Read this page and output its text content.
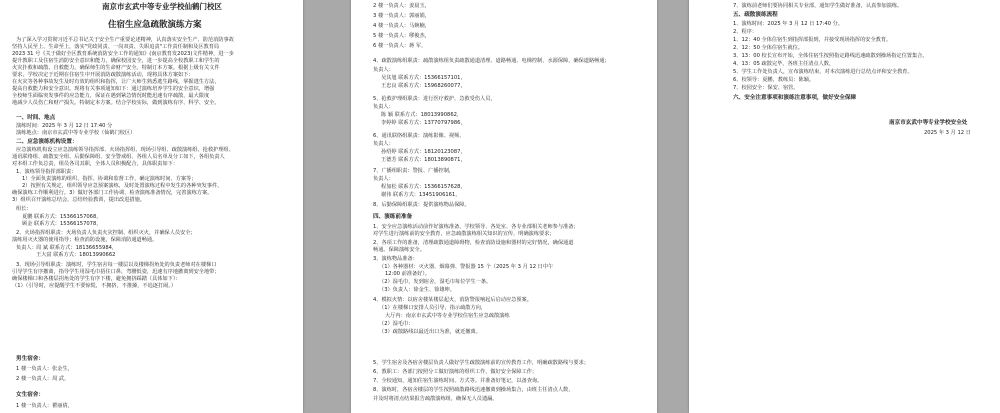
南京市玄武中等专业学校仙鹤门校区
住宿生应急疏散演练方案
为了深入学习贯彻习近平总书记关于安全生产重要论述精神，认真落实安全生产、防范消防事故
坚持人民至上、生命至上，落实"党政同责、一岗双责、失职追责"工作责任制和及区教育局
2023 31 号《关于做好全区教育系统消防安全工作的通知》(南京教育发2023)文件精神，进一步
提升教职工及住宿生消防安全意识和能力，确保校园安全，进一步提高全校教职工和学生的
火灾扑救和疏散、自救能力，确保师生的生命财产安全。特制订本方案。根据上级有关文件
要求，学校决定于近期在住宿生中开展消防疏散演练活动，现将具体方案如下：
在火灾等各种事故发生及时有效的组织和指挥，让广大师生熟悉逃生路线，掌握逃生方法，
提高自救能力和安全意识。现将有关事项通知如下：通过演练培养学生的安全意识，增强
全校师生面临突发事件的应急能力，保证在遇到紧急情况时能迅速有序疏散，最大限度
地减少人员伤亡和财产损失。特制定本方案。结合学校实际，做到演练有序、科学、安全。
一、时间、地点
演练时间：2025 年 3 月 12 日 17:40 分
演练地点：南京市玄武中等专业学校（仙鹤门校区）
二、应急演练机构设置：
应急演练机构设立应急演练领导指挥部、火场指挥组、现场引导组、疏散演练组、抢救护理组、
通讯联络组、疏散安全组、后勤保障组、安全警戒组、各组人员名单及分工如下，各组负责人
对本组工作负总责，组员各司其职，全体人员积极配合，具体职责如下：
1、演练领导指挥部职责：
1）全面负责演练的组织、指挥、协调和监督工作，确定演练时间、方案等；
2）按照有关规定，组织领导应急预案演练，及时处置演练过程中发生的各种突发事件，
确保演练工作顺利进行。3）做好各部门工作协调，检查演练准备情况，完善演练方案。
3）组织召开演练总结会，总结经验教训，提出改进措施。
组长：
夏鹏 联系方式：15366157068，
顾金 联系方式：15366157078，
2、火场指挥组职责：火场负责人负责火灾控制、组织灭火，并确保人员安全；
演练用灭火器的使用指导；检查消防设施，保障消防通道畅通。
负责人： 周 斌 联系方式：18136655984，
王大富 联系方式：18013990662
3、现场引导组职责：演练时，学生宿舍每一楼层以及楼梯拐角处的负责老师对在楼梯口
引导学生有序撤离，指导学生用湿毛巾捂住口鼻，弯腰低姿，迅速有序地撤离到安全地带；
确保楼梯口和各楼层拐角处的学生有序下楼，避免拥挤踩踏（具体如下）：
（1）（引导时，应提醒学生不要惊慌，不拥挤，不推搡，不追逐打闹。）
男生宿舍：
1 楼一负责人：张金生，
2 楼一负责人：周 武，
女生宿舍：
1 楼一负责人：瞿丽倩，
2 楼一负责人：姜晨玉，
3 楼一负责人：郭丽娟，
4 楼一负责人：马婉楠，
5 楼一负责人：缪俊杰，
6 楼一负责人：蒋 军，
4、疏散演练组职责：疏散演练组负责疏散通道清理、道路畅通、电梯控制、水源保障，确保道路畅通；
负责人：
吴其旭 联系方式：15366157101，
王忠良 联系方式：15968260077，
5、抢救护理组职责：进行医疗救护，急救受伤人员，
负责人：
陈 颖 联系方式：18013990862，
李婷婷 联系方式：13770797986，
6、通讯联络组职责：演练影像、视频、
负责人：
孙绍婷 联系方式：18120123087，
王德芳 联系方式：18013890871，
7、广播组职责：警报、广播控制，
负责人：
程加松 联系方式：15366157628，
谢伟 联系方式：13451906161，
8、后勤保障组职责：提供演练物品保障。
四、演练前准备
1、安全应急演练活动前作好演练准备，学校领导、各处室、各专业部相关老师参与准备；
对学生进行演练前的安全教育，应急疏散演练相关知识的宣传，明确演练要求；
2、各项工作的准备，清理疏散通道障碍物，检查消防设施和器材的完好情况，确保通道
畅通。保障演练安全。
3、演练物品准备：
（1）各种器材：灭火器、烟幕弹、警报器 15 个（2025 年 3 月 12 日中午
12:00 前准备好）。
（2）湿毛巾，发到宿舍，湿毛巾每位学生一条。
（3）负责人：徐金生、徐雄坤。
4、模拟火情：以宿舍楼某楼层起火，消防警报响起后启动应急预案。
（1）在楼梯口安排人员引导，指示疏散方向，
大厅内：南京市玄武中等专业学校住宿生应急疏散演练
（2）湿毛巾：
（3）疏散路线以最近出口为准，就近撤离。
5、学生宿舍及各宿舍楼层负责人做好学生疏散演练前的宣传教育工作，明确疏散路线与要求；
6、教职工：各部门按照分工做好演练的组织工作，做好安全保障工作；
7、全校通知，通知住宿生演练时间、方式等。并准备好笔记，以备查询。
8、演练时，各宿舍楼层的学生按照疏散路线迅速撤离到操场集合，由班主任清点人数，
并及时将清点结果报告疏散演练组，确保无人员遗漏。
7、演练前老师们要协同相关专业部，通知学生做好准备，认真参加演练。
五、疏散演练流程
1、演练时间：2025 年 3 月 12 日 17:40 分。
2、程序：
1、12：40 全体住宿生到指挥部报到，并接受现场指挥的安全教育。
2、12：50 全体住宿生就位。
3、13：00 校长宣布开始，全体住宿生按照指定路线迅速疏散到操场指定位置集合。
4、13：05 疏散完毕，各班主任清点人数，
5、学生工作处负责人，宣布演练结束，对本次演练进行总结点评和安全教育。
6、校领导：夏鹏，教练员：陈颖。
7、校园安全：保安、宿管。
六、安全注意事项和演练注意事项，做好安全保障
南京市玄武中等专业学校安全处
2025 年 3 月 12 日
